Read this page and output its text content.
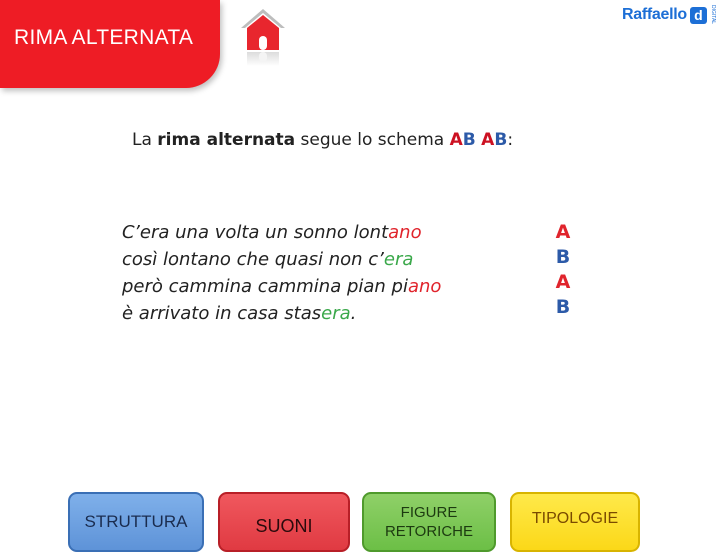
RIMA ALTERNATA
Raffaello d	DIGITAL
La rima alternata segue lo schema AB AB:
C’era una volta un sonno lontano
così lontano che quasi non c’era
però cammina cammina pian piano
è arrivato in casa stasera.
A
B
A
B
STRUTTURA	SUONI
FIGURE
RETORICHE
TIPOLOGIE
